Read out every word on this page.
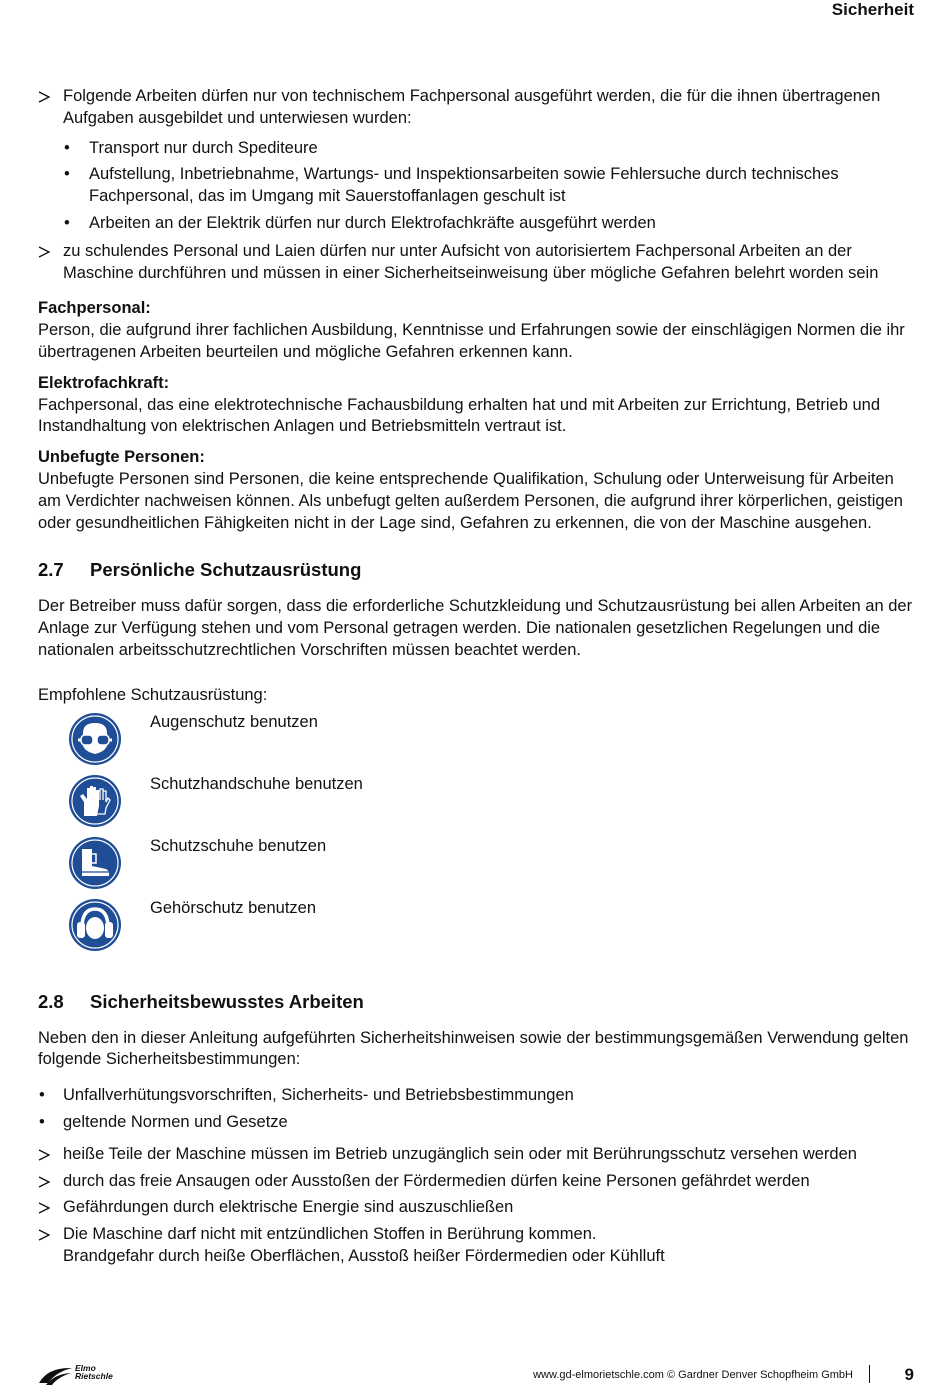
Sicherheit
Folgende Arbeiten dürfen nur von technischem Fachpersonal ausgeführt werden, die für die ihnen übertragenen Aufgaben ausgebildet und unterwiesen wurden:
• Transport nur durch Spediteure
• Aufstellung, Inbetriebnahme, Wartungs- und Inspektionsarbeiten sowie Fehlersuche durch technisches Fachpersonal, das im Umgang mit Sauerstoffanlagen geschult ist
• Arbeiten an der Elektrik dürfen nur durch Elektrofachkräfte ausgeführt werden
zu schulendes Personal und Laien dürfen nur unter Aufsicht von autorisiertem Fachpersonal Arbeiten an der Maschine durchführen und müssen in einer Sicherheitseinweisung über mögliche Gefahren belehrt worden sein
Fachpersonal:
Person, die aufgrund ihrer fachlichen Ausbildung, Kenntnisse und Erfahrungen sowie der einschlägigen Normen die ihr übertragenen Arbeiten beurteilen und mögliche Gefahren erkennen kann.
Elektrofachkraft:
Fachpersonal, das eine elektrotechnische Fachausbildung erhalten hat und mit Arbeiten zur Errichtung, Betrieb und Instandhaltung von elektrischen Anlagen und Betriebsmitteln vertraut ist.
Unbefugte Personen:
Unbefugte Personen sind Personen, die keine entsprechende Qualifikation, Schulung oder Unterweisung für Arbeiten am Verdichter nachweisen können. Als unbefugt gelten außerdem Personen, die aufgrund ihrer körperlichen, geistigen oder gesundheitlichen Fähigkeiten nicht in der Lage sind, Gefahren zu erkennen, die von der Maschine ausgehen.
2.7 Persönliche Schutzausrüstung

Der Betreiber muss dafür sorgen, dass die erforderliche Schutzkleidung und Schutzausrüstung bei allen Arbeiten an der Anlage zur Verfügung stehen und vom Personal getragen werden. Die nationalen gesetzlichen Regelungen und die nationalen arbeitsschutzrechtlichen Vorschriften müssen beachtet werden.

Empfohlene Schutzausrüstung:

Augenschutz benutzen
Schutzhandschuhe benutzen
Schutzschuhe benutzen
Gehörschutz benutzen
2.8 Sicherheitsbewusstes Arbeiten

Neben den in dieser Anleitung aufgeführten Sicherheitshinweisen sowie der bestimmungsgemäßen Verwendung gelten folgende Sicherheitsbestimmungen:

• Unfallverhütungsvorschriften, Sicherheits- und Betriebsbestimmungen
• geltende Normen und Gesetze
heiße Teile der Maschine müssen im Betrieb unzugänglich sein oder mit Berührungsschutz versehen werden
durch das freie Ansaugen oder Ausstoßen der Fördermedien dürfen keine Personen gefährdet werden
Gefährdungen durch elektrische Energie sind auszuschließen
Die Maschine darf nicht mit entzündlichen Stoffen in Berührung kommen.
Brandgefahr durch heiße Oberflächen, Ausstoß heißer Fördermedien oder Kühlluft
Elmo
Rietschle	www.gd-elmorietschle.com © Gardner Denver Schopfheim GmbH	9
